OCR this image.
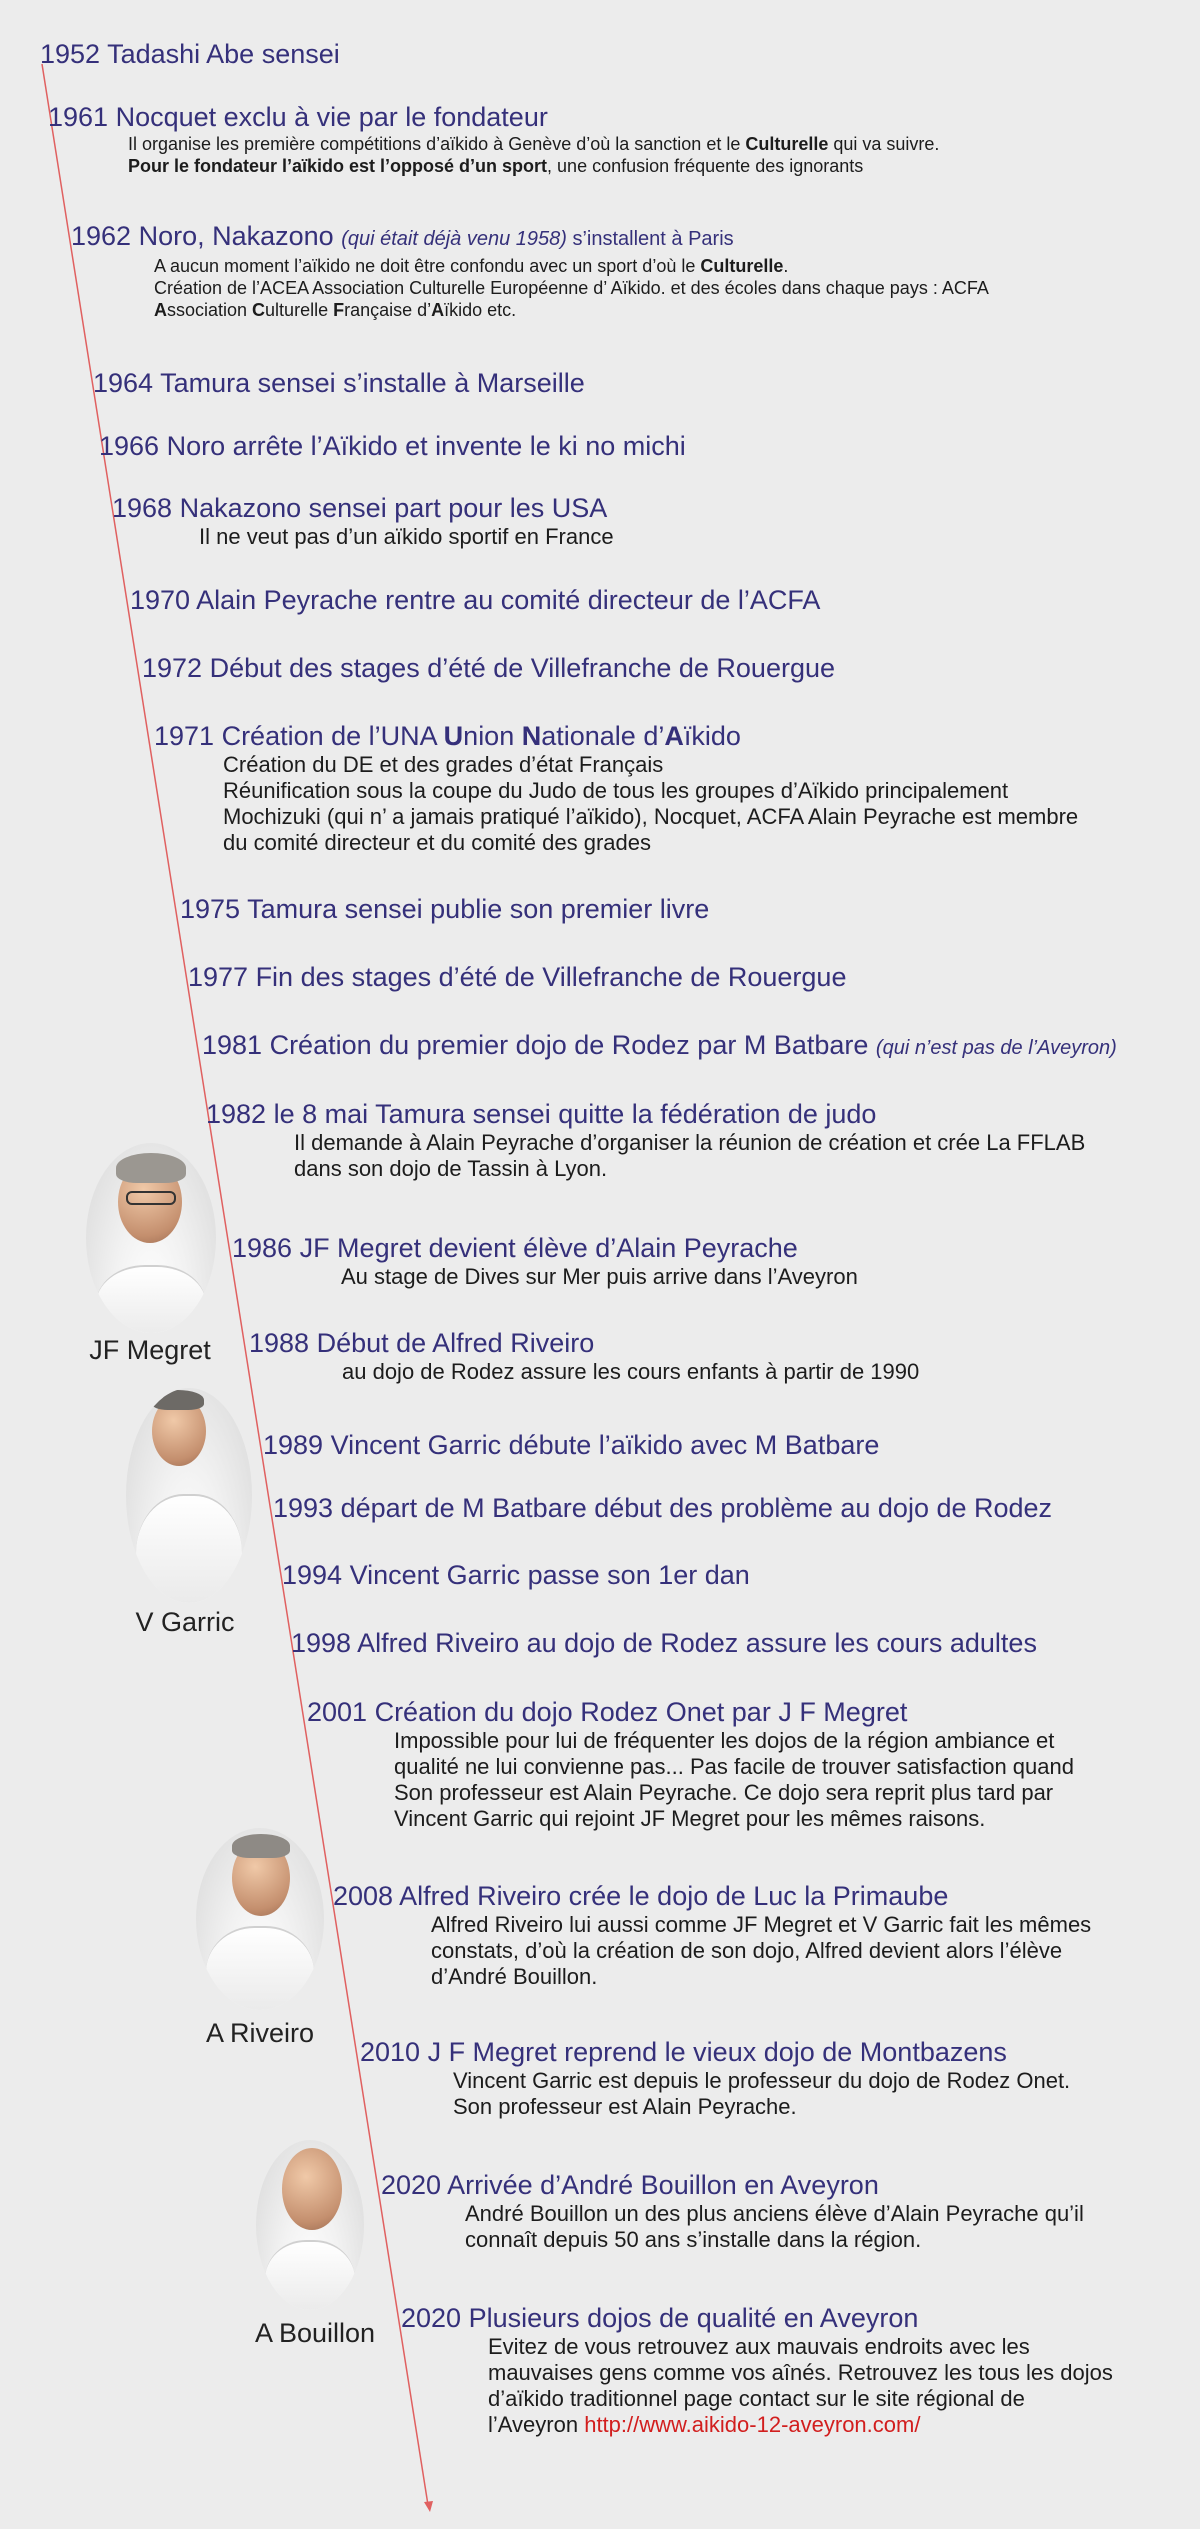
1952 Tadashi Abe sensei
1961 Nocquet exclu à vie par le fondateur
Il organise les première compétitions d’aïkido à Genève d’où la sanction et le Culturelle qui va suivre.
Pour le fondateur l’aïkido est l’opposé d’un sport, une confusion fréquente des ignorants
1962 Noro, Nakazono (qui était déjà venu 1958) s’installent à Paris
A aucun moment l’aïkido ne doit être confondu avec un sport d’où le Culturelle.
Création de l’ACEA Association Culturelle Européenne d’ Aïkido. et des écoles dans chaque pays : ACFA
Association Culturelle Française d’Aïkido etc.
1964 Tamura sensei s’installe à Marseille
1966 Noro arrête l’Aïkido et invente le ki no michi
1968 Nakazono sensei part pour les USA
Il ne veut pas d’un aïkido sportif en France
1970 Alain Peyrache rentre au comité directeur de l’ACFA
1972 Début des stages d’été de Villefranche de Rouergue
1971 Création de l’UNA Union Nationale d’Aïkido
Création du DE et des grades d’état Français
Réunification sous la coupe du Judo de tous les groupes d’Aïkido principalement
Mochizuki (qui n’ a jamais pratiqué l’aïkido), Nocquet, ACFA Alain Peyrache est membre
du comité directeur et du comité des grades
1975 Tamura sensei publie son premier livre
1977 Fin des stages d’été de Villefranche de Rouergue
1981 Création du premier dojo de Rodez par M Batbare (qui n’est pas de l’Aveyron)
1982 le 8 mai Tamura sensei quitte la fédération de judo
Il demande à Alain Peyrache d’organiser la réunion de création et crée La FFLAB
dans son dojo de Tassin à Lyon.
1986 JF Megret devient élève d’Alain Peyrache
Au stage de Dives sur Mer puis arrive dans l’Aveyron
1988 Début de Alfred Riveiro
au dojo de Rodez assure les cours enfants à partir de 1990
1989 Vincent Garric débute l’aïkido avec M Batbare
1993 départ de M Batbare début des problème au dojo de Rodez
1994 Vincent Garric passe son 1er dan
1998 Alfred Riveiro au dojo de Rodez assure les cours adultes
2001 Création du dojo Rodez Onet par J F Megret
Impossible pour lui de fréquenter les dojos de la région ambiance et
qualité ne lui convienne pas... Pas facile de trouver satisfaction quand
Son professeur est Alain Peyrache. Ce dojo sera reprit plus tard par
Vincent Garric qui rejoint JF Megret pour les mêmes raisons.
2008 Alfred Riveiro crée le dojo de Luc la Primaube
Alfred Riveiro lui aussi comme JF Megret et V Garric fait les mêmes
constats, d’où la création de son dojo, Alfred devient alors l’élève
d’André Bouillon.
2010 J F Megret reprend le vieux dojo de Montbazens
Vincent Garric est depuis le professeur du dojo de Rodez Onet.
Son professeur est Alain Peyrache.
2020 Arrivée d’André Bouillon en Aveyron
André Bouillon un des plus anciens élève d’Alain Peyrache qu’il
connaît depuis 50 ans s’installe dans la région.
2020 Plusieurs dojos de qualité en Aveyron
Evitez de vous retrouvez aux mauvais endroits avec les
mauvaises gens comme vos aînés. Retrouvez les tous les dojos
d’aïkido traditionnel page contact sur le site régional de
l’Aveyron http://www.aikido-12-aveyron.com/
JF Megret
V Garric
A Riveiro
A Bouillon
